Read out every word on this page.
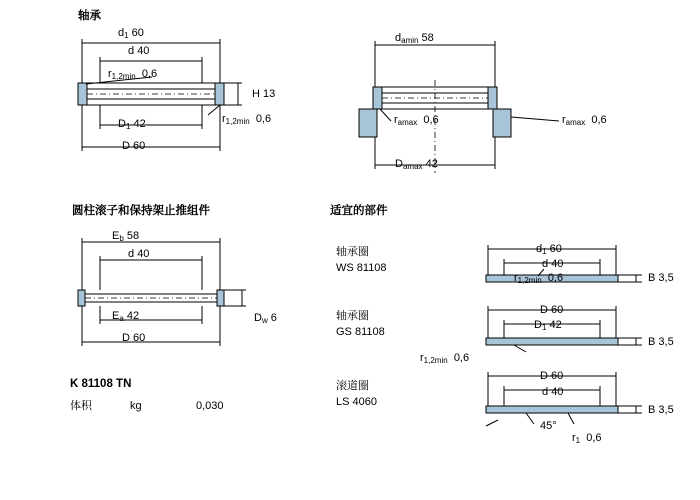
轴承
圆柱滚子和保持架止推组件	适宜的部件
$d_1$ 60
d 40
$r_{1,2min}$ 0,6
H 13
$r_{1,2min}$ 0,6
$D_1$ 42
D 60
$d_{amin}$ 58
$r_{amax}$ 0,6	$r_{amax}$ 0,6
$D_{amax}$ 42
$E_b$ 58
d 40
$E_a$ 42	$D_w$ 6
D 60
K 81108 TN
体积	kg	0,030
轴承圈
WS 81108
$d_1$ 60
d 40
$r_{1,2min}$ 0,6	B 3,5
轴承圈
GS 81108
D 60
$D_1$ 42
$r_{1,2min}$ 0,6
B 3,5
滚道圈
LS 4060
D 60
d 40
45°
$r_1$ 0,6
B 3,5
